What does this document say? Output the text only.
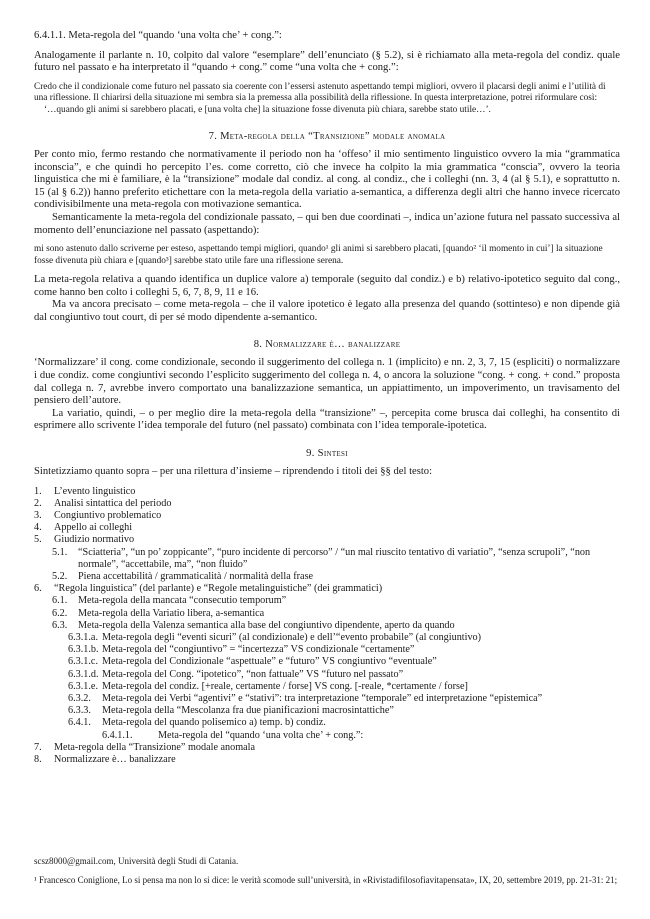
6.4.1.1. Meta-regola del “quando ‘una volta che’ + cong.”:

Analogamente il parlante n. 10, colpito dal valore “esemplare” dell’enunciato (§ 5.2), si è richiamato alla meta-regola del condiz. quale futuro nel passato e ha interpretato il “quando + cong.” come “una volta che + cong.”:

Credo che il condizionale come futuro nel passato sia coerente con l’essersi astenuto aspettando tempi migliori, ovvero il placarsi degli animi e l’utilità di una riflessione. Il chiarirsi della situazione mi sembra sia la premessa alla possibilità della riflessione. In questa interpretazione, potrei riformulare così:

‘…quando gli animi si sarebbero placati, e [una volta che] la situazione fosse divenuta più chiara, sarebbe stato utile…’.

7. Meta-regola della “Transizione” modale anomala

Per conto mio, fermo restando che normativamente il periodo non ha ‘offeso’ il mio sentimento linguistico ovvero la mia “grammatica inconscia”, e che quindi ho percepito l’es. come corretto, ciò che invece ha colpito la mia grammatica “conscia”, ovvero la teoria linguistica che mi è familiare, è la “transizione” modale dal condiz. al cong. al condiz., che i colleghi (nn. 3, 4 (al § 5.1), e soprattutto n. 15 (al § 6.2)) hanno preferito etichettare con la meta-regola della variatio a-semantica, a differenza degli altri che hanno invece ricercato condivisibilmente una meta-regola con motivazione semantica.

Semanticamente la meta-regola del condizionale passato, – qui ben due coordinati –, indica un’azione futura nel passato successiva al momento dell’enunciazione nel passato (aspettando):

mi sono astenuto dallo scriverne per esteso, aspettando tempi migliori, quando¹ gli animi si sarebbero placati, [quando² ‘il momento in cui’] la situazione fosse divenuta più chiara e [quando³] sarebbe stato utile fare una riflessione serena.

La meta-regola relativa a quando identifica un duplice valore a) temporale (seguito dal condiz.) e b) relativo-ipotetico seguito dal cong., come hanno ben colto i colleghi 5, 6, 7, 8, 9, 11 e 16.

Ma va ancora precisato – come meta-regola – che il valore ipotetico è legato alla presenza del quando (sottinteso) e non dipende già dal congiuntivo tout court, di per sé modo dipendente a-semantico.

8. Normalizzare è… banalizzare

‘Normalizzare’ il cong. come condizionale, secondo il suggerimento del collega n. 1 (implicito) e nn. 2, 3, 7, 15 (espliciti) o normalizzare i due condiz. come congiuntivi secondo l’esplicito suggerimento del collega n. 4, o ancora la soluzione “cong. + cong. + cond.” proposta dal collega n. 7, avrebbe invero comportato una banalizzazione semantica, un appiattimento, un impoverimento, un travisamento del pensiero dell’autore.

La variatio, quindi, – o per meglio dire la meta-regola della “transizione” –, percepita come brusca dai colleghi, ha consentito di esprimere allo scrivente l’idea temporale del futuro (nel passato) combinata con l’idea temporale-ipotetica.

9. Sintesi

Sintetizziamo quanto sopra – per una rilettura d’insieme – riprendendo i titoli dei §§ del testo:

1.	L’evento linguistico
2.	Analisi sintattica del periodo
3.	Congiuntivo problematico
4.	Appello ai colleghi
5.	Giudizio normativo
5.1.	“Sciatteria”, “un po’ zoppicante”, “puro incidente di percorso” / “un mal riuscito tentativo di variatio”, “senza scrupoli”, “non normale”, “accettabile, ma”, “non fluido”
5.2.	Piena accettabilità / grammaticalità / normalità della frase
6.	“Regola linguistica” (del parlante) e “Regole metalinguistiche” (dei grammatici)
6.1.	Meta-regola della mancata “consecutio temporum”
6.2.	Meta-regola della Variatio libera, a-semantica
6.3.	Meta-regola della Valenza semantica alla base del congiuntivo dipendente, aperto da quando
6.3.1.a. Meta-regola degli “eventi sicuri” (al condizionale) e dell’“evento probabile” (al congiuntivo)
6.3.1.b. Meta-regola del “congiuntivo” = “incertezza” VS condizionale “certamente”
6.3.1.c. Meta-regola del Condizionale “aspettuale” e “futuro” VS congiuntivo “eventuale”
6.3.1.d. Meta-regola del Cong. “ipotetico”, “non fattuale” VS “futuro nel passato”
6.3.1.e. Meta-regola del condiz. [+reale, certamente / forse] VS cong. [-reale, *certamente / forse]
6.3.2.	Meta-regola dei Verbi “agentivi” e “stativi”: tra interpretazione “temporale” ed interpretazione “epistemica”
6.3.3.	Meta-regola della “Mescolanza fra due pianificazioni macrosintattiche”
6.4.1.	Meta-regola del quando polisemico a) temp. b) condiz.
6.4.1.1.	Meta-regola del “quando ‘una volta che’ + cong.”:
7.	Meta-regola della “Transizione” modale anomala
8.	Normalizzare è… banalizzare

scsz8000@gmail.com, Università degli Studi di Catania.

¹ Francesco Coniglione, Lo si pensa ma non lo si dice: le verità scomode sull’università, in «Rivistadifilosofiavitapensata», IX, 20, settembre 2019, pp. 21-31: 21;
